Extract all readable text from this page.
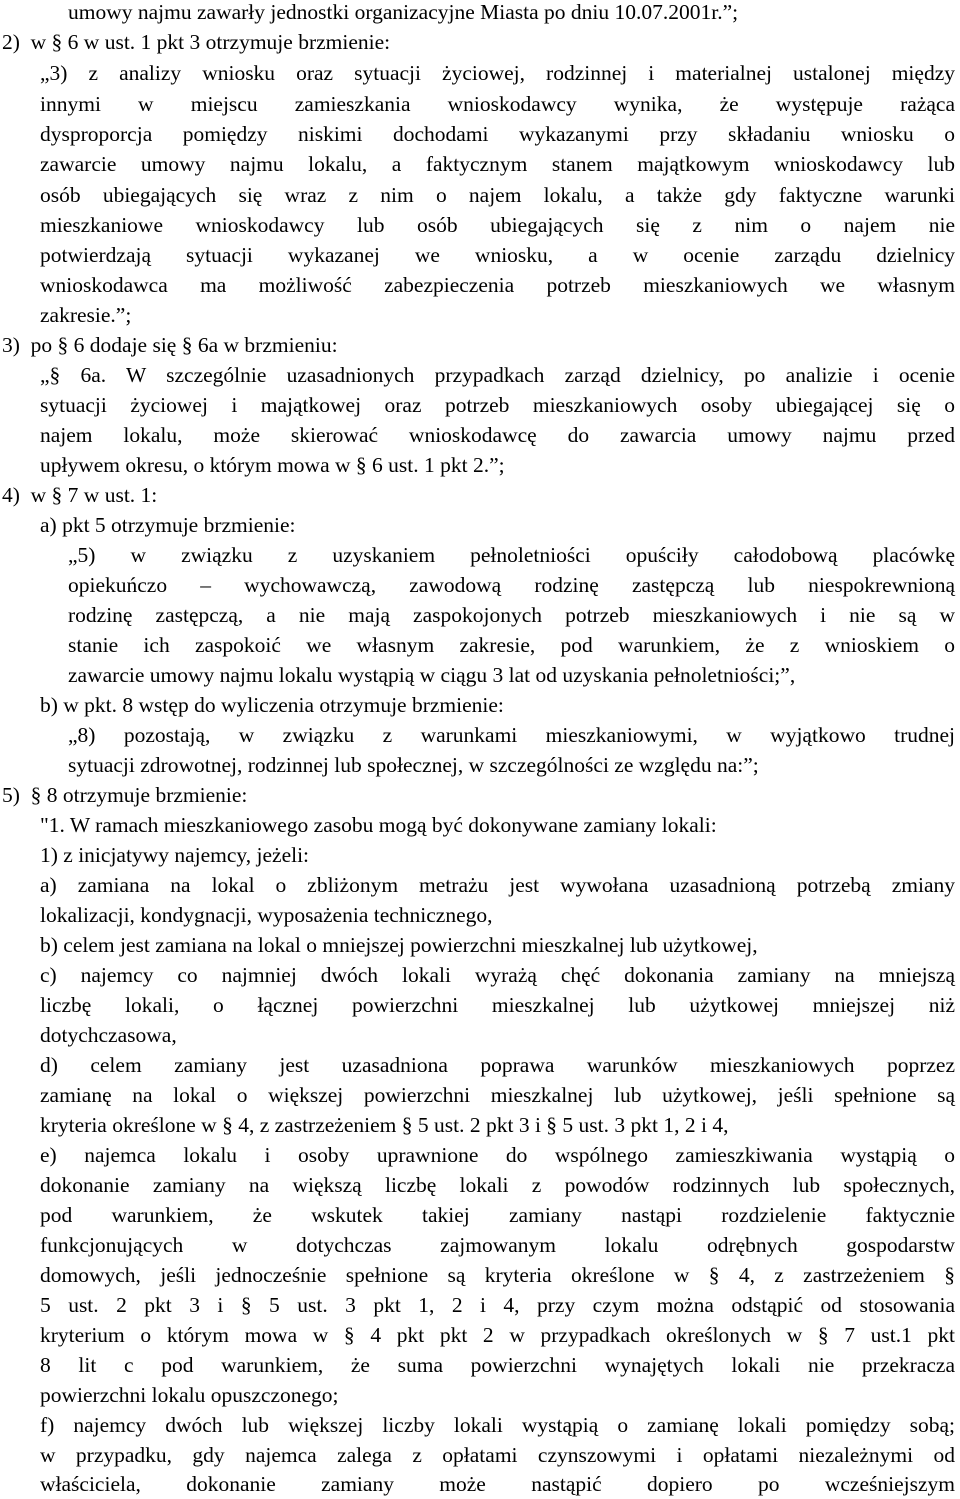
umowy najmu zawarły jednostki organizacyjne Miasta po dniu 10.07.2001r.”;
2)  w § 6 w ust. 1 pkt 3 otrzymuje brzmienie:
„3) z analizy wniosku oraz sytuacji życiowej, rodzinnej i materialnej ustalonej między
innymi w miejscu zamieszkania wnioskodawcy wynika, że występuje rażąca
dysproporcja pomiędzy niskimi dochodami wykazanymi przy składaniu wniosku o
zawarcie umowy najmu lokalu, a faktycznym stanem majątkowym wnioskodawcy lub
osób ubiegających się wraz z nim o najem lokalu, a także gdy faktyczne warunki
mieszkaniowe wnioskodawcy lub osób ubiegających się z nim o najem nie
potwierdzają sytuacji wykazanej we wniosku, a w ocenie zarządu dzielnicy
wnioskodawca ma możliwość zabezpieczenia potrzeb mieszkaniowych we własnym
zakresie.”;
3)  po § 6 dodaje się § 6a w brzmieniu:
„§ 6a. W szczególnie uzasadnionych przypadkach zarząd dzielnicy, po analizie i ocenie
sytuacji życiowej i majątkowej oraz potrzeb mieszkaniowych osoby ubiegającej się o
najem lokalu, może skierować wnioskodawcę do zawarcia umowy najmu przed
upływem okresu, o którym mowa w § 6 ust. 1 pkt 2.”;
4)  w § 7 w ust. 1:
a) pkt 5 otrzymuje brzmienie:
„5) w związku z uzyskaniem pełnoletniości opuściły całodobową placówkę
opiekuńczo – wychowawczą, zawodową rodzinę zastępczą lub niespokrewnioną
rodzinę zastępczą, a nie mają zaspokojonych potrzeb mieszkaniowych i nie są w
stanie ich zaspokoić we własnym zakresie, pod warunkiem, że z wnioskiem o
zawarcie umowy najmu lokalu wystąpią w ciągu 3 lat od uzyskania pełnoletniości;”,
b) w pkt. 8 wstęp do wyliczenia otrzymuje brzmienie:
„8) pozostają, w związku z warunkami mieszkaniowymi, w wyjątkowo trudnej
sytuacji zdrowotnej, rodzinnej lub społecznej, w szczególności ze względu na:”;
5)  § 8 otrzymuje brzmienie:
"1. W ramach mieszkaniowego zasobu mogą być dokonywane zamiany lokali:
1) z inicjatywy najemcy, jeżeli:
a) zamiana na lokal o zbliżonym metrażu jest wywołana uzasadnioną potrzebą zmiany
lokalizacji, kondygnacji, wyposażenia technicznego,
b) celem jest zamiana na lokal o mniejszej powierzchni mieszkalnej lub użytkowej,
c) najemcy co najmniej dwóch lokali wyrażą chęć dokonania zamiany na mniejszą
liczbę lokali, o łącznej powierzchni mieszkalnej lub użytkowej mniejszej niż
dotychczasowa,
d) celem zamiany jest uzasadniona poprawa warunków mieszkaniowych poprzez
zamianę na lokal o większej powierzchni mieszkalnej lub użytkowej, jeśli spełnione są
kryteria określone w § 4, z zastrzeżeniem § 5 ust. 2 pkt 3 i § 5 ust. 3 pkt 1, 2 i 4,
e) najemca lokalu i osoby uprawnione do wspólnego zamieszkiwania wystąpią o
dokonanie zamiany na większą liczbę lokali z powodów rodzinnych lub społecznych,
pod warunkiem, że wskutek takiej zamiany nastąpi rozdzielenie faktycznie
funkcjonujących w dotychczas zajmowanym lokalu odrębnych gospodarstw
domowych, jeśli jednocześnie spełnione są kryteria określone w § 4, z zastrzeżeniem §
5 ust. 2 pkt 3 i § 5 ust. 3 pkt 1, 2 i 4, przy czym można odstąpić od stosowania
kryterium o którym mowa w § 4 pkt pkt 2 w przypadkach określonych w § 7 ust.1 pkt
8 lit c pod warunkiem, że suma powierzchni wynajętych lokali nie przekracza
powierzchni lokalu opuszczonego;
f) najemcy dwóch lub większej liczby lokali wystąpią o zamianę lokali pomiędzy sobą;
w przypadku, gdy najemca zalega z opłatami czynszowymi i opłatami niezależnymi od
właściciela, dokonanie zamiany może nastąpić dopiero po wcześniejszym
